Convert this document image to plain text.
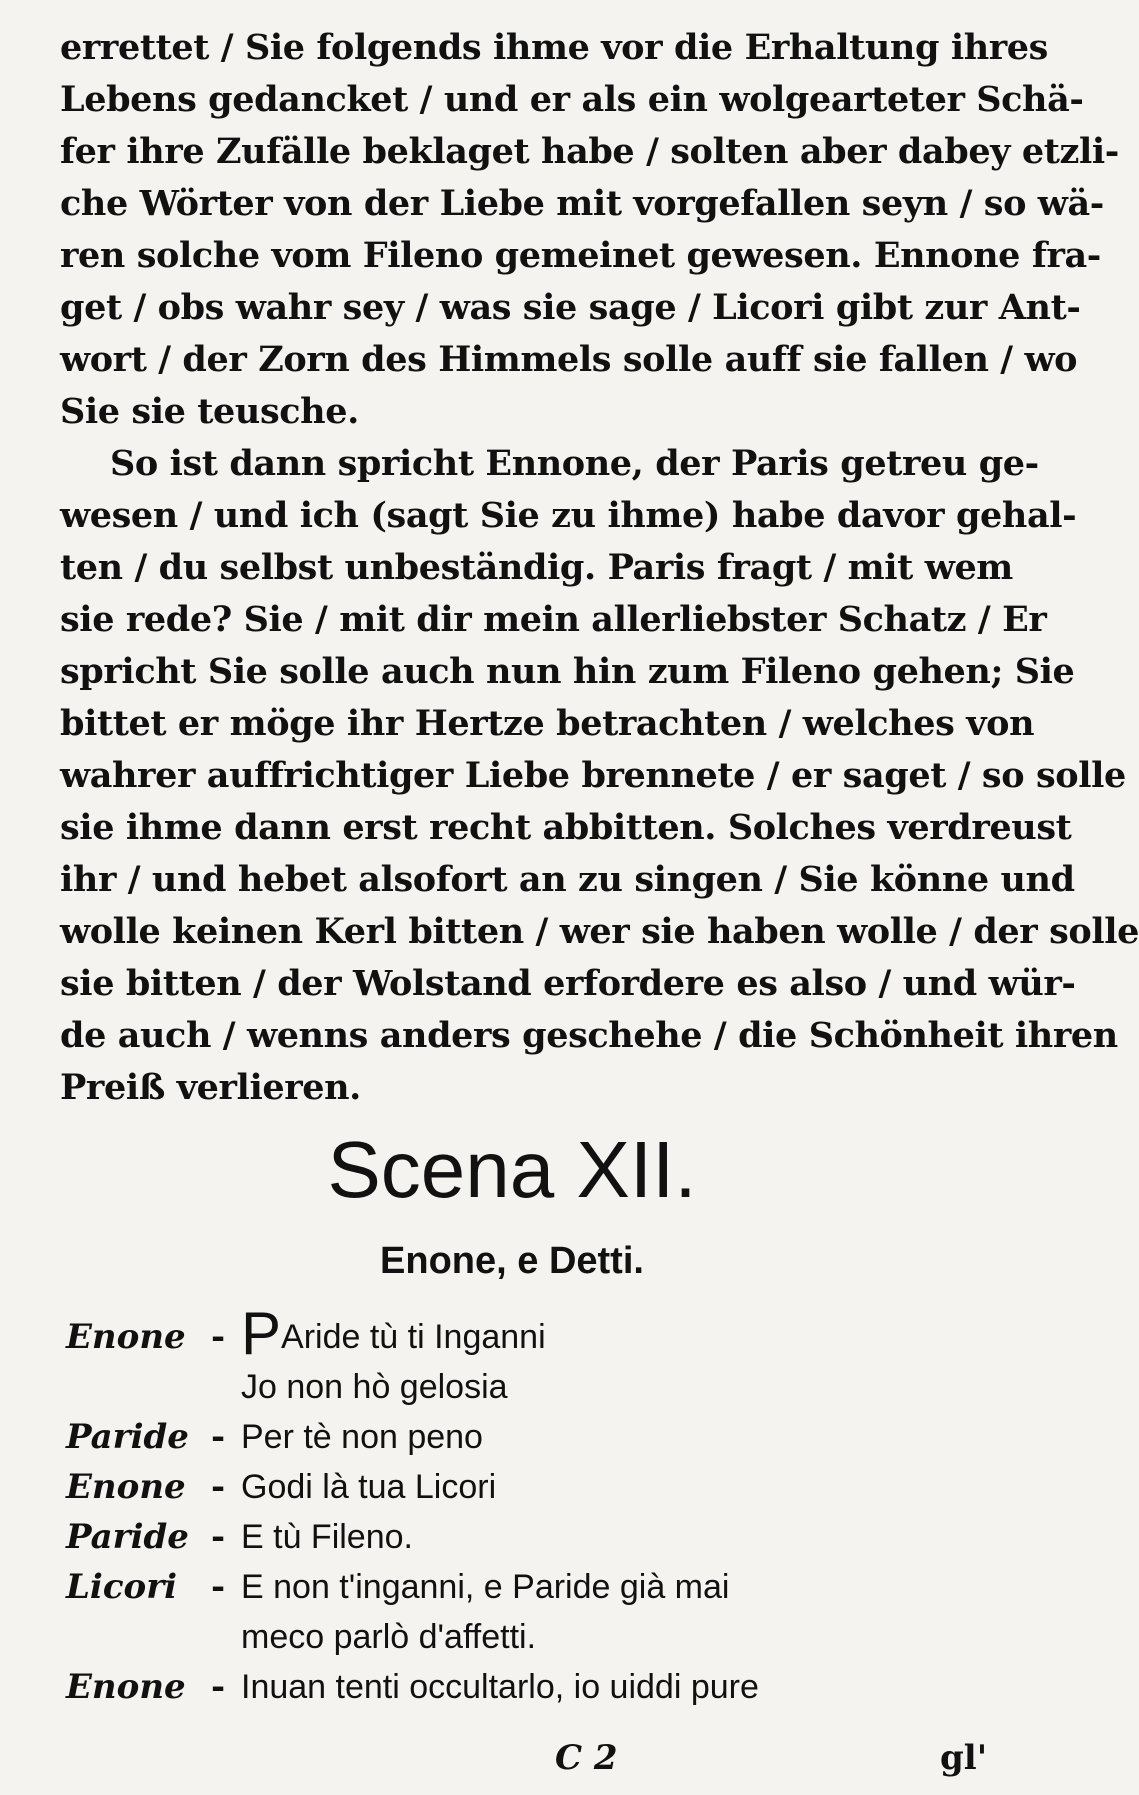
errettet / Sie folgends ihme vor die Erhaltung ihres
Lebens gedancket / und er als ein wolgearteter Schä-
fer ihre Zufälle beklaget habe / solten aber dabey etzli-
che Wörter von der Liebe mit vorgefallen seyn / so wä-
ren solche vom Fileno gemeinet gewesen. Ennone fra-
get / obs wahr sey / was sie sage / Licori gibt zur Ant-
wort / der Zorn des Himmels solle auff sie fallen / wo
Sie sie teusche.
So ist dann spricht Ennone, der Paris getreu ge-
wesen / und ich (sagt Sie zu ihme) habe davor gehal-
ten / du selbst unbeständig. Paris fragt / mit wem
sie rede? Sie / mit dir mein allerliebster Schatz / Er
spricht Sie solle auch nun hin zum Fileno gehen; Sie
bittet er möge ihr Hertze betrachten / welches von
wahrer auffrichtiger Liebe brennete / er saget / so solle
sie ihme dann erst recht abbitten. Solches verdreust
ihr / und hebet alsofort an zu singen / Sie könne und
wolle keinen Kerl bitten / wer sie haben wolle / der solle
sie bitten / der Wolstand erfordere es also / und wür-
de auch / wenns anders geschehe / die Schönheit ihren
Preiß verlieren.
Scena XII.
Enone, e Detti.
Enone - PAride tù ti Inganni
Jo non hò gelosia
Paride - Per tè non peno
Enone - Godi là tua Licori
Paride - E tù Fileno.
Licori - E non t'inganni, e Paride già mai
meco parlò d'affetti.
Enone - Inuan tenti occultarlo, io uiddi pure
C 2	gl'
